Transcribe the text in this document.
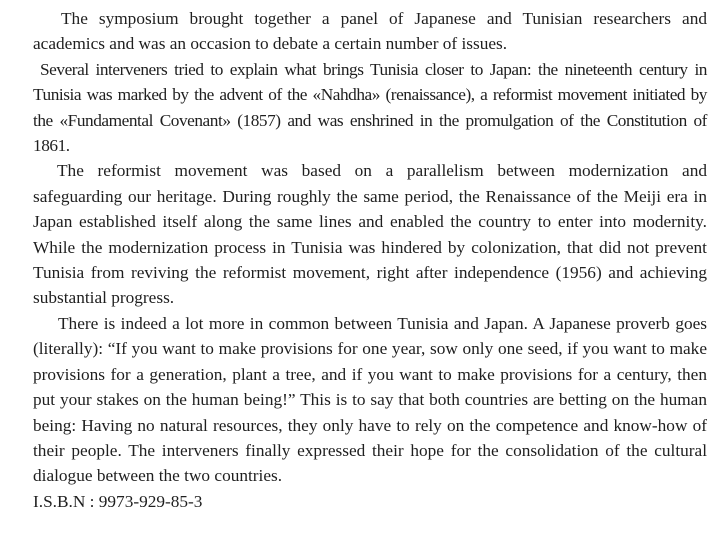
The symposium brought together a panel of Japanese and Tunisian researchers and academics and was an occasion to debate a certain number of issues.

Several interveners tried to explain what brings Tunisia closer to Japan: the nineteenth century in Tunisia was marked by the advent of the «Nahdha» (renaissance), a reformist movement initiated by the «Fundamental Covenant» (1857) and was enshrined in the promulgation of the Constitution of 1861.

The reformist movement was based on a parallelism between modernization and safeguarding our heritage. During roughly the same period, the Renaissance of the Meiji era in Japan established itself along the same lines and enabled the country to enter into modernity. While the modernization process in Tunisia was hindered by colonization, that did not prevent Tunisia from reviving the reformist movement, right after independence (1956) and achieving substantial progress.

There is indeed a lot more in common between Tunisia and Japan. A Japanese proverb goes (literally): “If you want to make provisions for one year, sow only one seed, if you want to make provisions for a generation, plant a tree, and if you want to make provisions for a century, then put your stakes on the human being!” This is to say that both countries are betting on the human being: Having no natural resources, they only have to rely on the competence and know-how of their people. The interveners finally expressed their hope for the consolidation of the cultural dialogue between the two countries.

I.S.B.N : 9973-929-85-3
